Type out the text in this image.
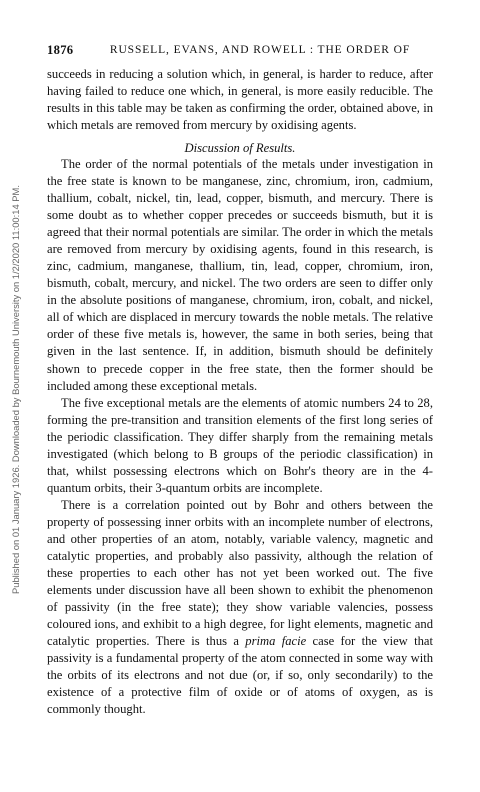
Published on 01 January 1926. Downloaded by Bournemouth University on 1/2/2020 11:00:14 PM.
1876	RUSSELL, EVANS, AND ROWELL : THE ORDER OF

succeeds in reducing a solution which, in general, is harder to reduce, after having failed to reduce one which, in general, is more easily reducible. The results in this table may be taken as confirming the order, obtained above, in which metals are removed from mercury by oxidising agents.

Discussion of Results.

The order of the normal potentials of the metals under investigation in the free state is known to be manganese, zinc, chromium, iron, cadmium, thallium, cobalt, nickel, tin, lead, copper, bismuth, and mercury. There is some doubt as to whether copper precedes or succeeds bismuth, but it is agreed that their normal potentials are similar. The order in which the metals are removed from mercury by oxidising agents, found in this research, is zinc, cadmium, manganese, thallium, tin, lead, copper, chromium, iron, bismuth, cobalt, mercury, and nickel. The two orders are seen to differ only in the absolute positions of manganese, chromium, iron, cobalt, and nickel, all of which are displaced in mercury towards the noble metals. The relative order of these five metals is, however, the same in both series, being that given in the last sentence. If, in addition, bismuth should be definitely shown to precede copper in the free state, then the former should be included among these exceptional metals.

The five exceptional metals are the elements of atomic numbers 24 to 28, forming the pre-transition and transition elements of the first long series of the periodic classification. They differ sharply from the remaining metals investigated (which belong to B groups of the periodic classification) in that, whilst possessing electrons which on Bohr's theory are in the 4-quantum orbits, their 3-quantum orbits are incomplete.

There is a correlation pointed out by Bohr and others between the property of possessing inner orbits with an incomplete number of electrons, and other properties of an atom, notably, variable valency, magnetic and catalytic properties, and probably also passivity, although the relation of these properties to each other has not yet been worked out. The five elements under discussion have all been shown to exhibit the phenomenon of passivity (in the free state); they show variable valencies, possess coloured ions, and exhibit to a high degree, for light elements, magnetic and catalytic properties. There is thus a prima facie case for the view that passivity is a fundamental property of the atom connected in some way with the orbits of its electrons and not due (or, if so, only secondarily) to the existence of a protective film of oxide or of atoms of oxygen, as is commonly thought.
